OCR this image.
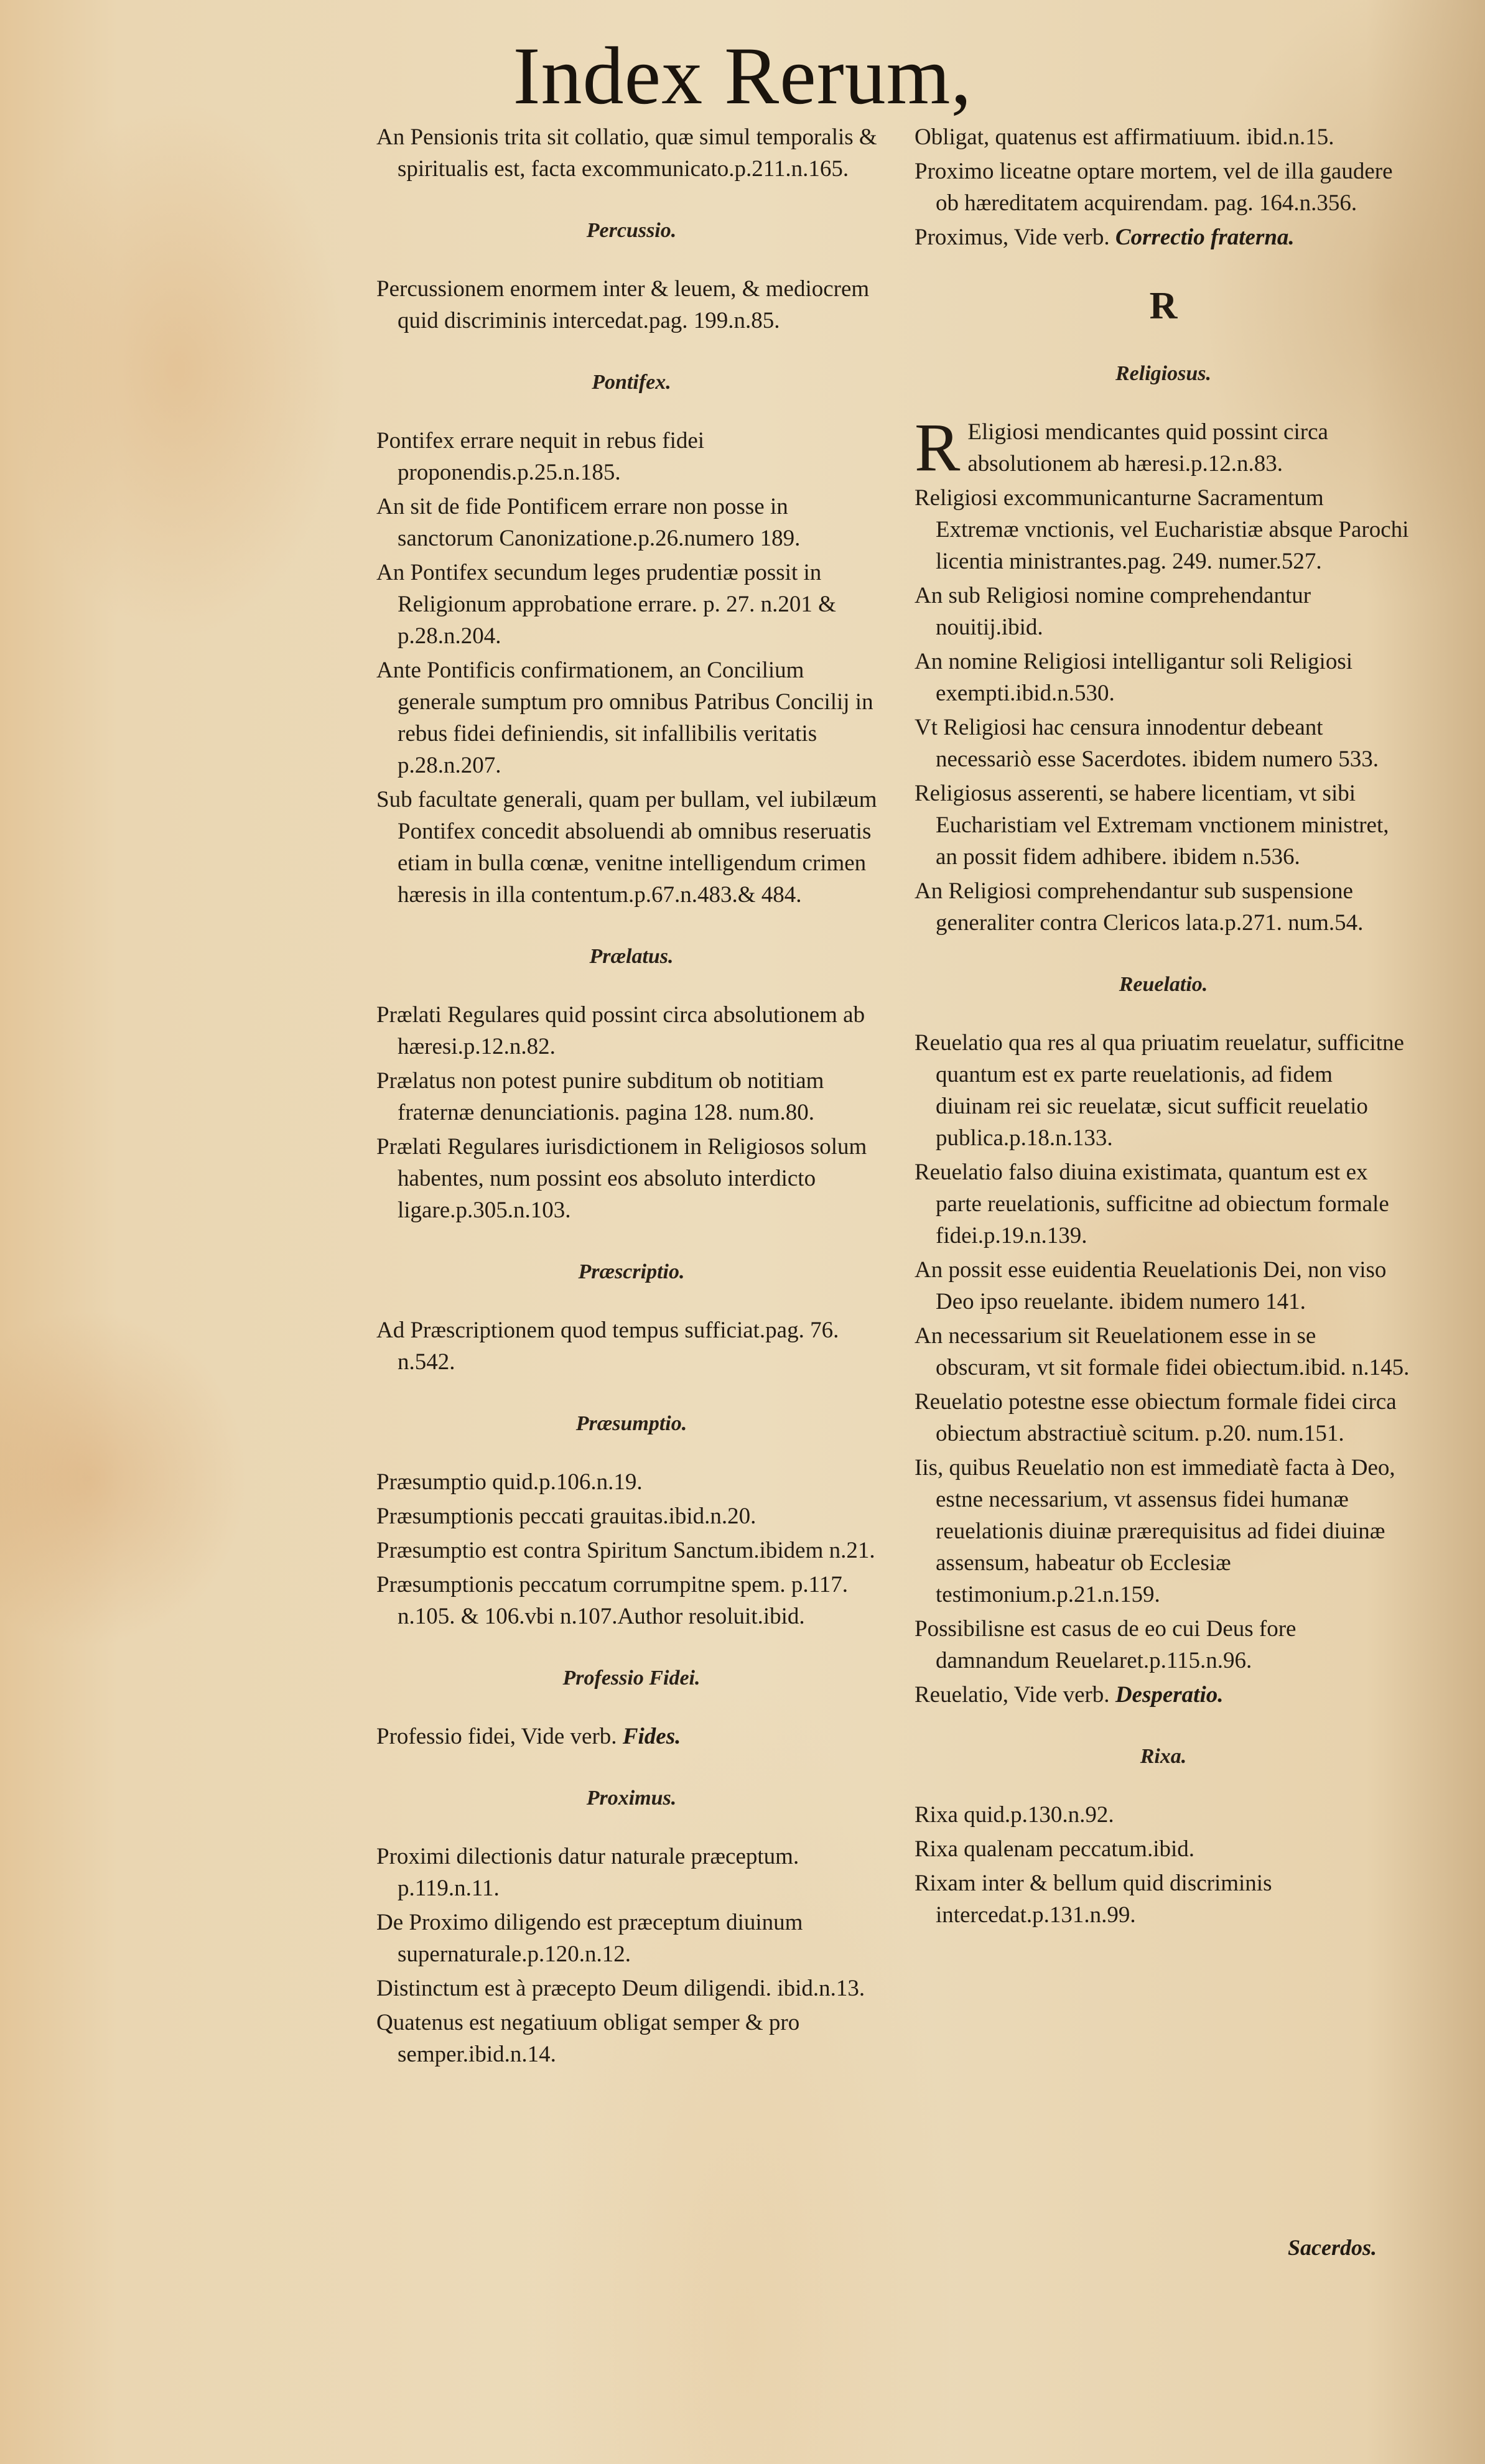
Index Rerum,
An Pensionis trita sit collatio, quæ simul temporalis & spiritualis est, facta excommunicato.p.211.n.165.
Percussio.
Percussionem enormem inter & leuem, & mediocrem quid discriminis intercedat.pag. 199.n.85.
Pontifex.
Pontifex errare nequit in rebus fidei proponendis.p.25.n.185.
An sit de fide Pontificem errare non posse in sanctorum Canonizatione.p.26.numero 189.
An Pontifex secundum leges prudentiæ possit in Religionum approbatione errare. p. 27. n.201 & p.28.n.204.
Ante Pontificis confirmationem, an Concilium generale sumptum pro omnibus Patribus Concilij in rebus fidei definiendis, sit infallibilis veritatis p.28.n.207.
Sub facultate generali, quam per bullam, vel iubilæum Pontifex concedit absoluendi ab omnibus reseruatis etiam in bulla cœnæ, venitne intelligendum crimen hæresis in illa contentum.p.67.n.483.& 484.
Prælatus.
Prælati Regulares quid possint circa absolutionem ab hæresi.p.12.n.82.
Prælatus non potest punire subditum ob notitiam fraternæ denunciationis. pagina 128. num.80.
Prælati Regulares iurisdictionem in Religiosos solum habentes, num possint eos absoluto interdicto ligare.p.305.n.103.
Præscriptio.
Ad Præscriptionem quod tempus sufficiat.pag. 76. n.542.
Præsumptio.
Præsumptio quid.p.106.n.19.
Præsumptionis peccati grauitas.ibid.n.20.
Præsumptio est contra Spiritum Sanctum.ibidem n.21.
Præsumptionis peccatum corrumpitne spem. p.117. n.105. & 106.vbi n.107.Author resoluit.ibid.
Professio Fidei.
Professio fidei, Vide verb. Fides.
Proximus.
Proximi dilectionis datur naturale præceptum. p.119.n.11.
De Proximo diligendo est præceptum diuinum supernaturale.p.120.n.12.
Distinctum est à præcepto Deum diligendi. ibid.n.13.
Quatenus est negatiuum obligat semper & pro semper.ibid.n.14.
Obligat, quatenus est affirmatiuum. ibid.n.15.
Proximo liceatne optare mortem, vel de illa gaudere ob hæreditatem acquirendam. pag. 164.n.356.
Proximus, Vide verb. Correctio fraterna.
R
Religiosus.
R Eligiosi mendicantes quid possint circa absolutionem ab hæresi.p.12.n.83.
Religiosi excommunicanturne Sacramentum Extremæ vnctionis, vel Eucharistiæ absque Parochi licentia ministrantes.pag. 249. numer.527.
An sub Religiosi nomine comprehendantur nouitij.ibid.
An nomine Religiosi intelligantur soli Religiosi exempti.ibid.n.530.
Vt Religiosi hac censura innodentur debeant necessariò esse Sacerdotes. ibidem numero 533.
Religiosus asserenti, se habere licentiam, vt sibi Eucharistiam vel Extremam vnctionem ministret, an possit fidem adhibere. ibidem n.536.
An Religiosi comprehendantur sub suspensione generaliter contra Clericos lata.p.271. num.54.
Reuelatio.
Reuelatio qua res al qua priuatim reuelatur, sufficitne quantum est ex parte reuelationis, ad fidem diuinam rei sic reuelatæ, sicut sufficit reuelatio publica.p.18.n.133.
Reuelatio falso diuina existimata, quantum est ex parte reuelationis, sufficitne ad obiectum formale fidei.p.19.n.139.
An possit esse euidentia Reuelationis Dei, non viso Deo ipso reuelante. ibidem numero 141.
An necessarium sit Reuelationem esse in se obscuram, vt sit formale fidei obiectum.ibid. n.145.
Reuelatio potestne esse obiectum formale fidei circa obiectum abstractiuè scitum. p.20. num.151.
Iis, quibus Reuelatio non est immediatè facta à Deo, estne necessarium, vt assensus fidei humanæ reuelationis diuinæ prærequisitus ad fidei diuinæ assensum, habeatur ob Ecclesiæ testimonium.p.21.n.159.
Possibilisne est casus de eo cui Deus fore damnandum Reuelaret.p.115.n.96.
Reuelatio, Vide verb. Desperatio.
Rixa.
Rixa quid.p.130.n.92.
Rixa qualenam peccatum.ibid.
Rixam inter & bellum quid discriminis intercedat.p.131.n.99.
Sacerdos.
